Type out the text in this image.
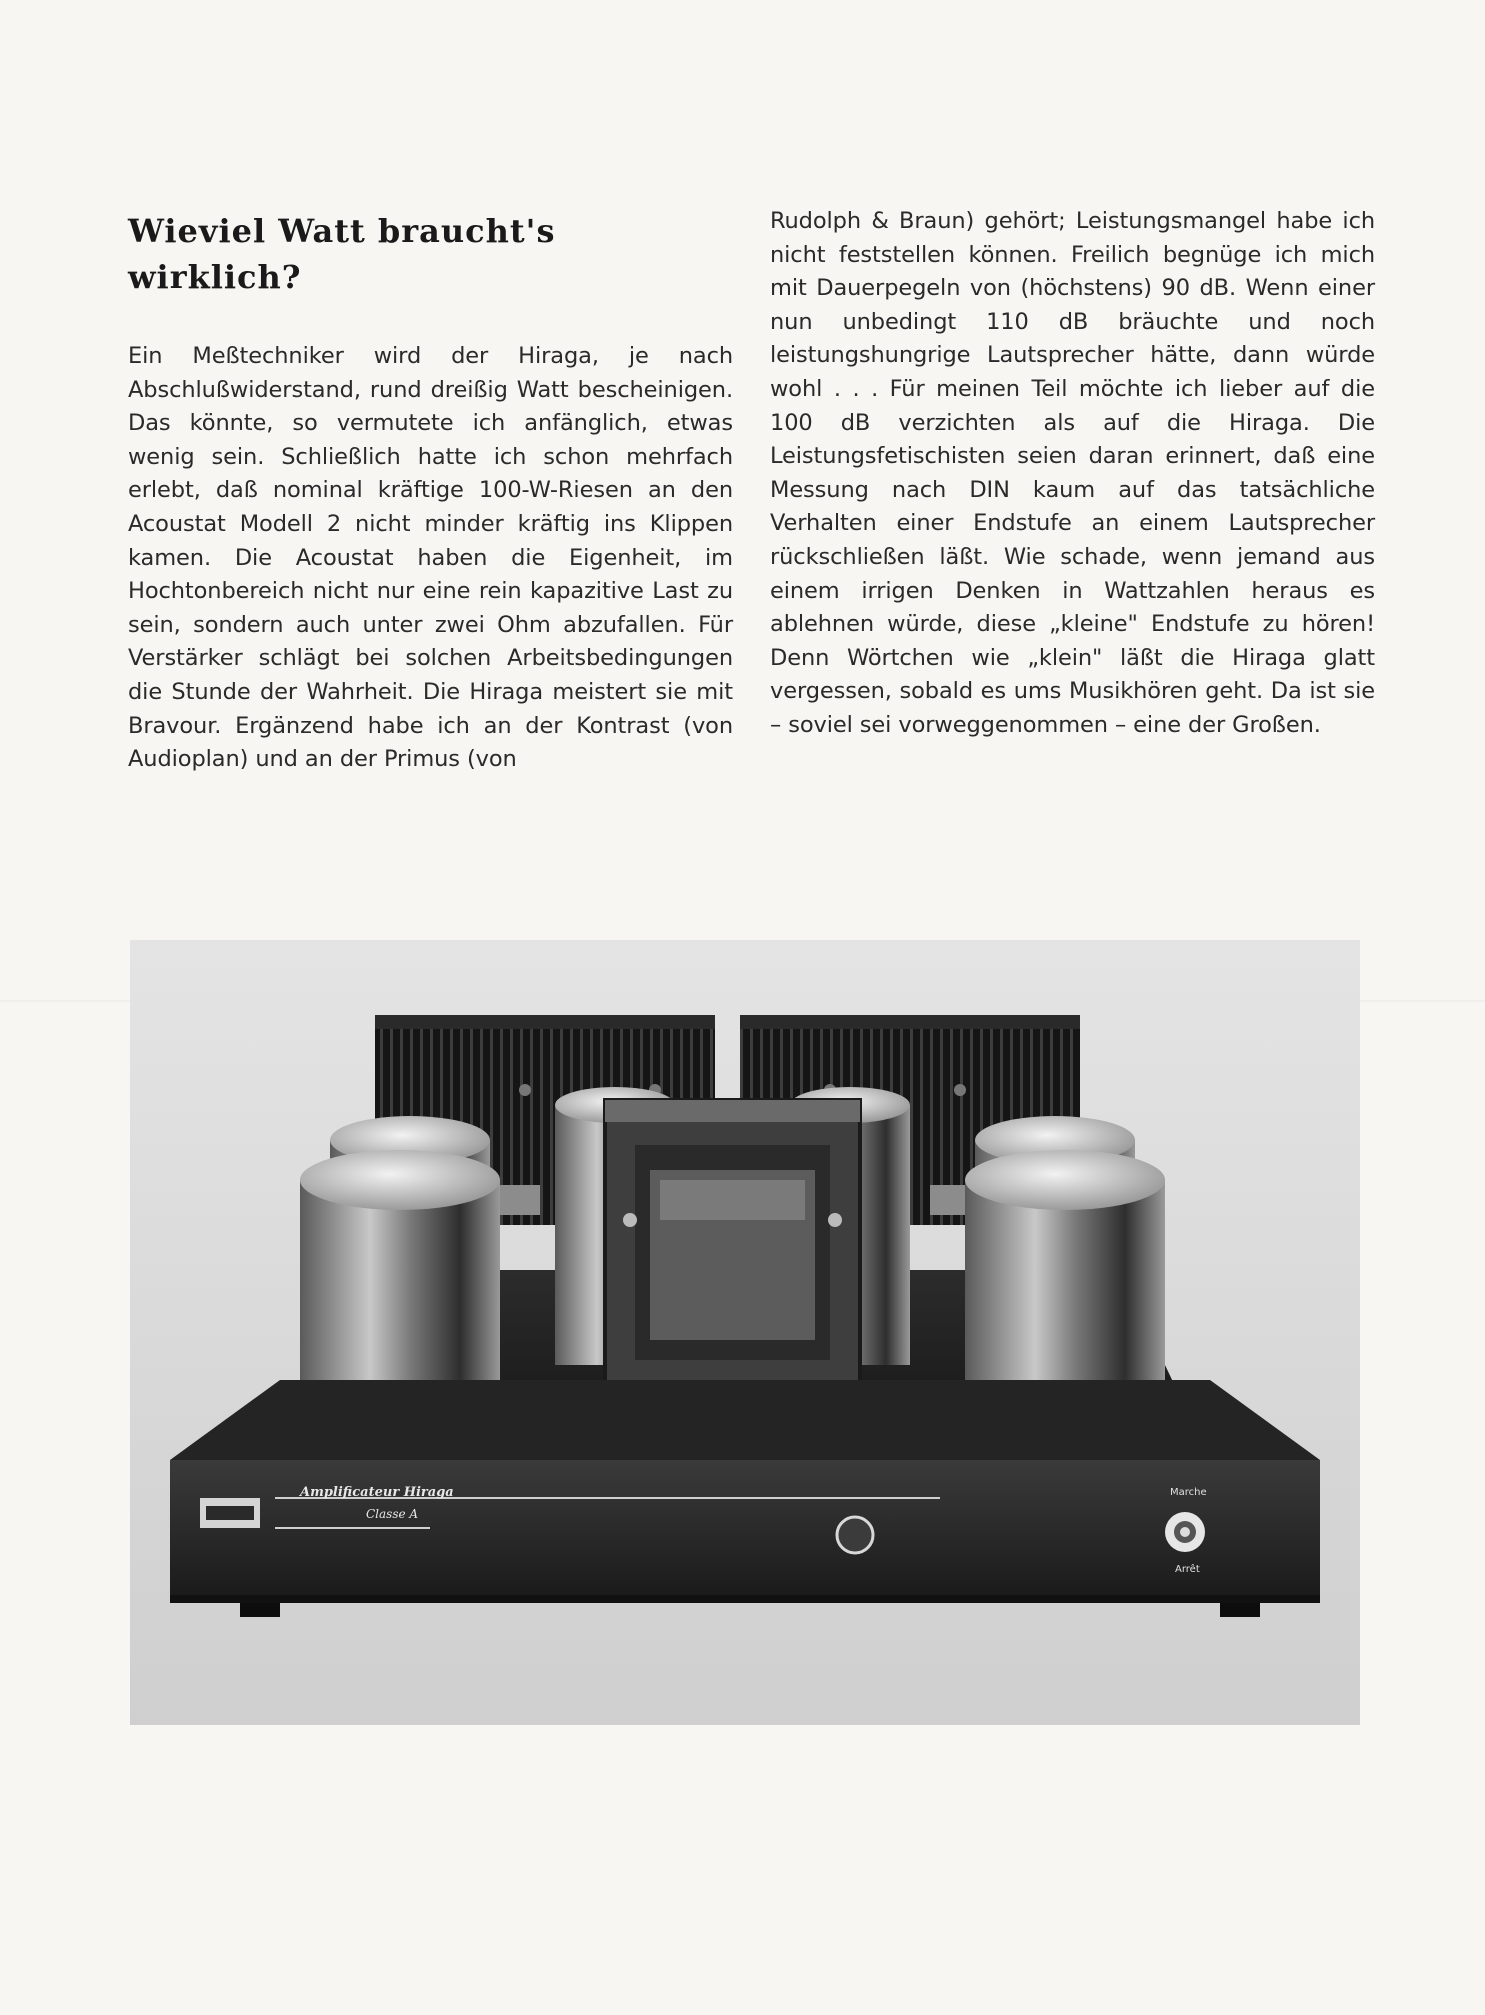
Wieviel Watt braucht's wirklich?
Ein Meßtechniker wird der Hiraga, je nach Abschlußwiderstand, rund dreißig Watt bescheinigen. Das könnte, so vermutete ich anfänglich, etwas wenig sein. Schließlich hatte ich schon mehrfach erlebt, daß nominal kräftige 100-W-Riesen an den Acoustat Modell 2 nicht minder kräftig ins Klippen kamen. Die Acoustat haben die Eigenheit, im Hochtonbereich nicht nur eine rein kapazitive Last zu sein, sondern auch unter zwei Ohm abzufallen. Für Verstärker schlägt bei solchen Arbeitsbedingungen die Stunde der Wahrheit. Die Hiraga meistert sie mit Bravour. Ergänzend habe ich an der Kontrast (von Audioplan) und an der Primus (von
Rudolph & Braun) gehört; Leistungsmangel habe ich nicht feststellen können. Freilich begnüge ich mich mit Dauerpegeln von (höchstens) 90 dB. Wenn einer nun unbedingt 110 dB bräuchte und noch leistungshungrige Lautsprecher hätte, dann würde wohl . . . Für meinen Teil möchte ich lieber auf die 100 dB verzichten als auf die Hiraga. Die Leistungsfetischisten seien daran erinnert, daß eine Messung nach DIN kaum auf das tatsächliche Verhalten einer Endstufe an einem Lautsprecher rückschließen läßt. Wie schade, wenn jemand aus einem irrigen Denken in Wattzahlen heraus es ablehnen würde, diese „kleine" Endstufe zu hören! Denn Wörtchen wie „klein" läßt die Hiraga glatt vergessen, sobald es ums Musikhören geht. Da ist sie – soviel sei vorweggenommen – eine der Großen.
Amplificateur Hiraga
Classe A
Marche
Arrêt
